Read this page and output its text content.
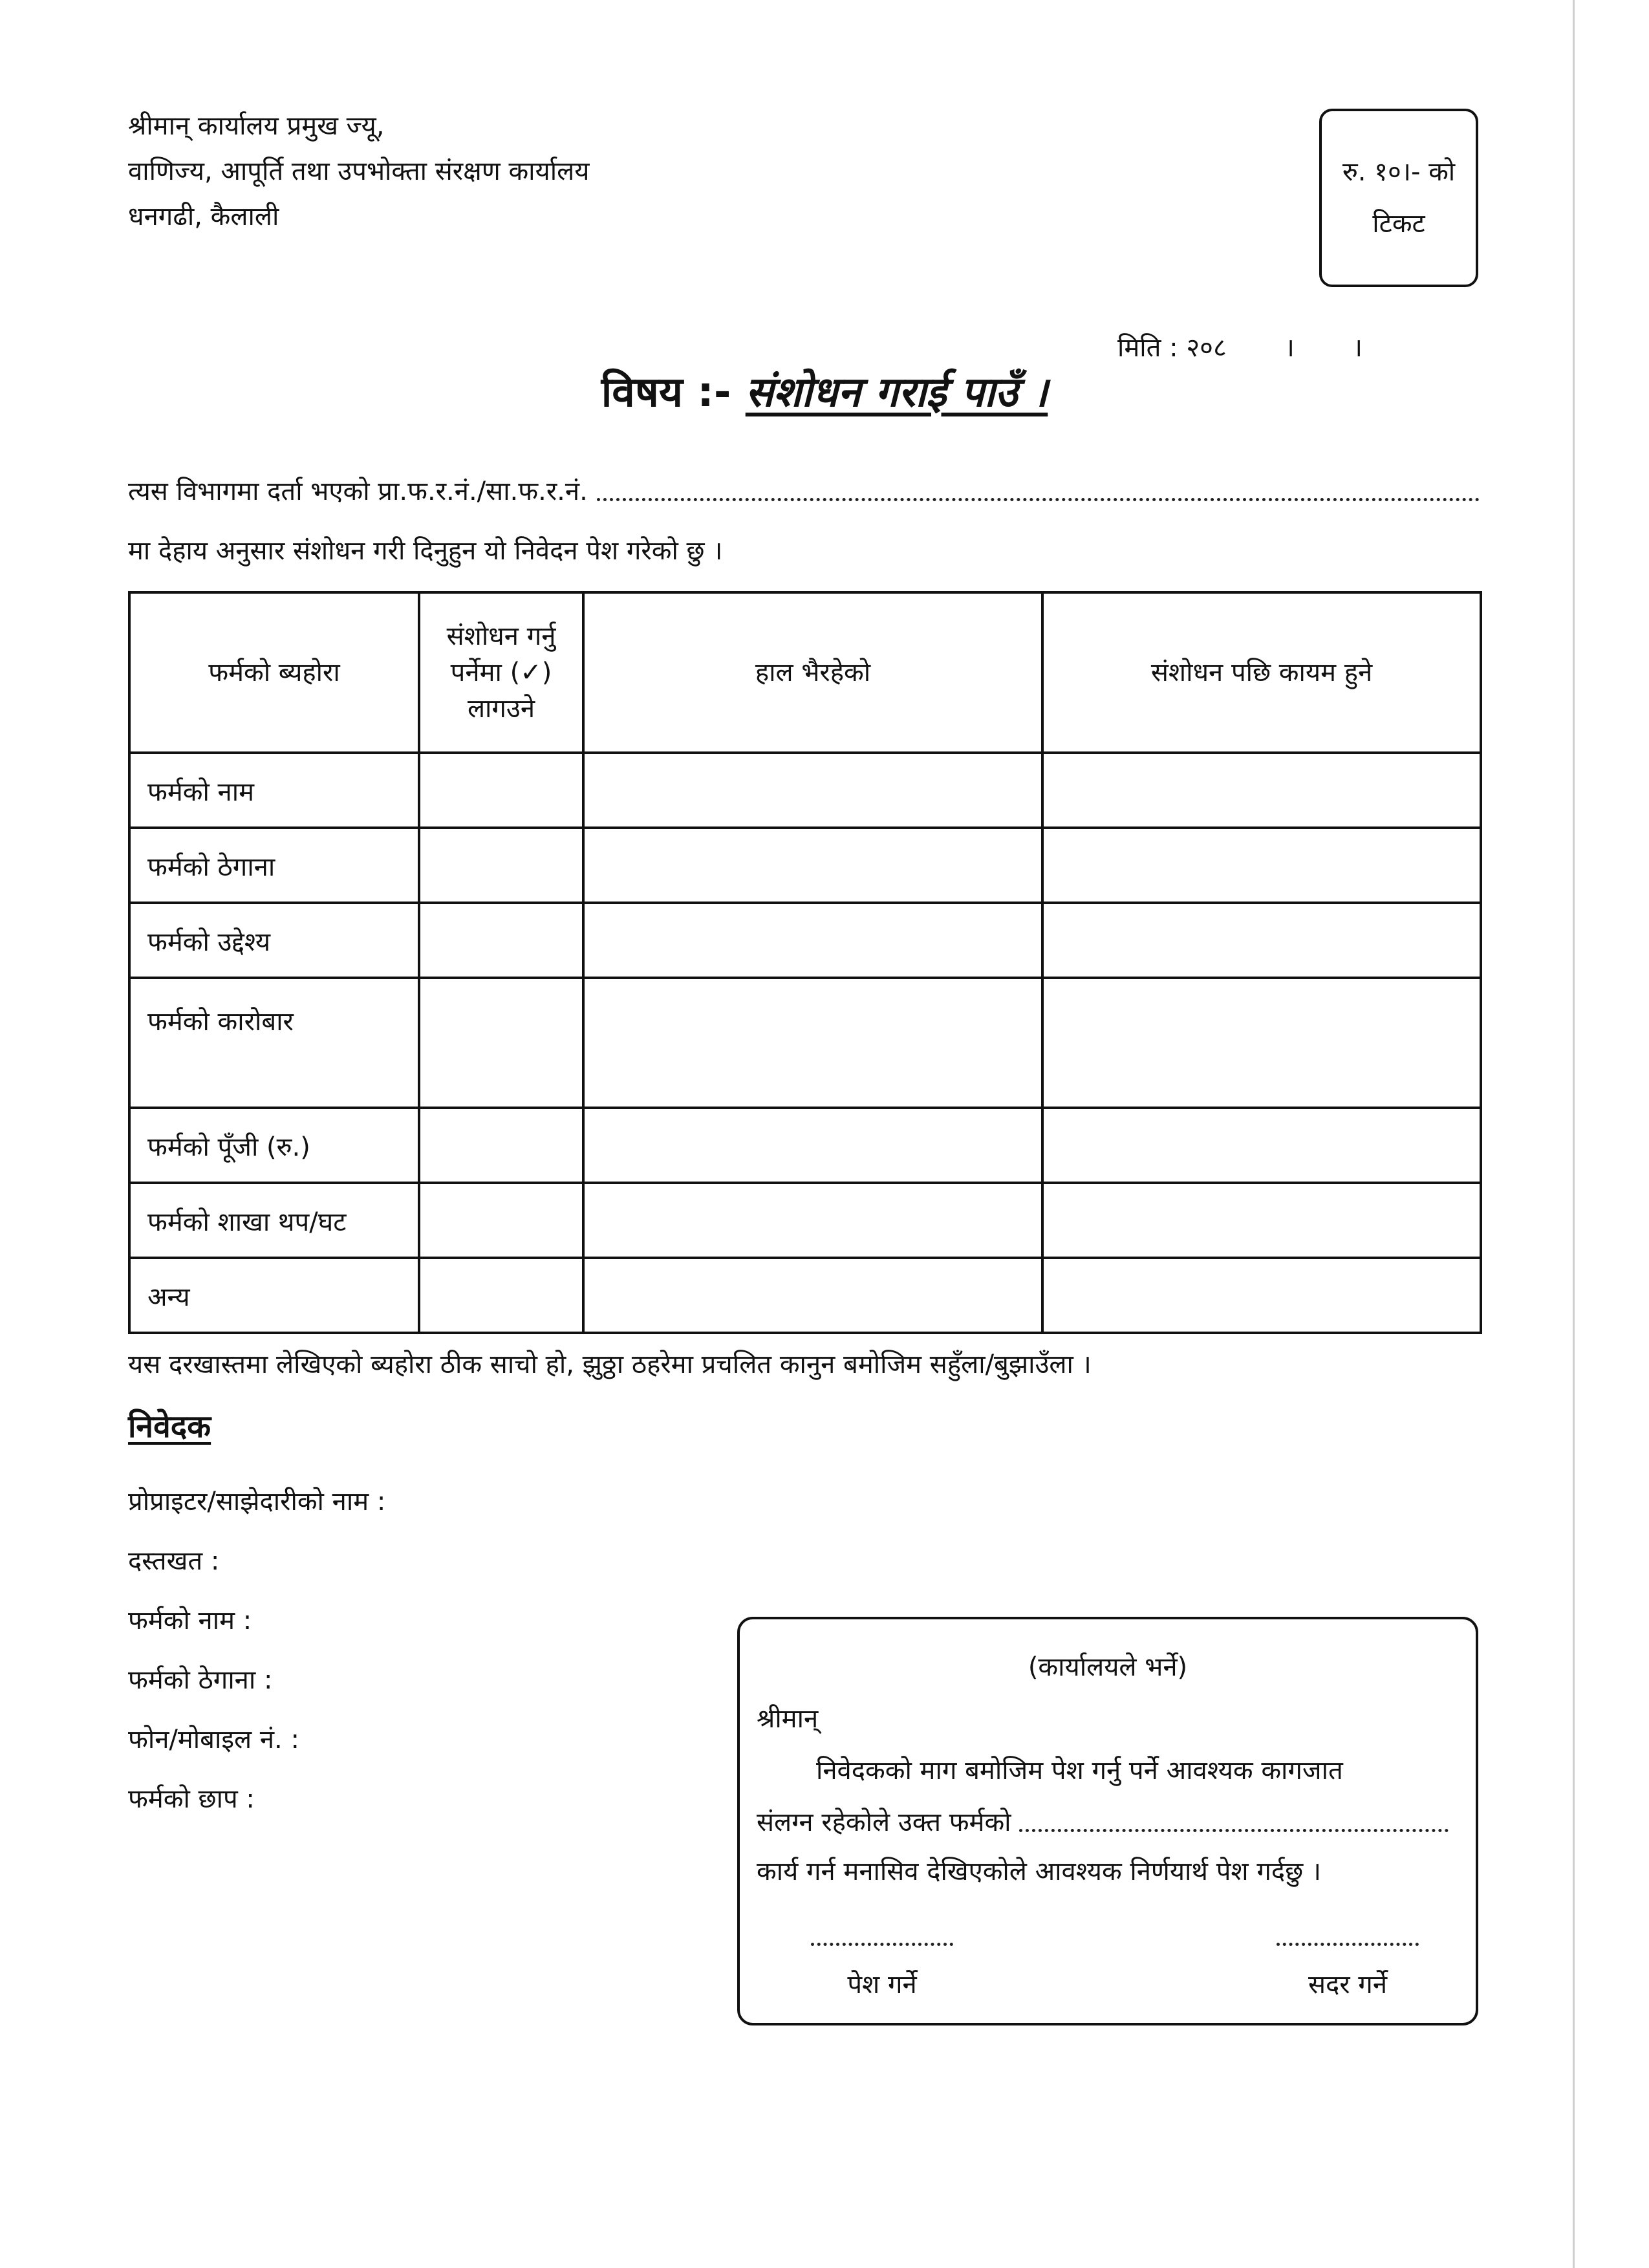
श्रीमान् कार्यालय प्रमुख ज्यू,
वाणिज्य, आपूर्ति तथा उपभोक्ता संरक्षण कार्यालय
धनगढी, कैलाली
रु. १०।- को
टिकट
मिति : २०८ । ।
विषय :- संशोधन गराई पाउँ ।
त्यस विभागमा दर्ता भएको प्रा.फ.र.नं./सा.फ.र.नं.
मा देहाय अनुसार संशोधन गरी दिनुहुन यो निवेदन पेश गरेको छु ।
फर्मको ब्यहोरा	संशोधन गर्नु पर्नेमा (✓) लागउने	हाल भैरहेको	संशोधन पछि कायम हुने
फर्मको नाम			
फर्मको ठेगाना			
फर्मको उद्देश्य			
फर्मको कारोबार			
फर्मको पूँजी (रु.)			
फर्मको शाखा थप/घट			
अन्य			
यस दरखास्तमा लेखिएको ब्यहोरा ठीक साचो हो, झुठ्ठा ठहरेमा प्रचलित कानुन बमोजिम सहुँला/बुझाउँला ।
निवेदक
प्रोप्राइटर/साझेदारीको नाम :
दस्तखत :
फर्मको नाम :
फर्मको ठेगाना :
फोन/मोबाइल नं. :
फर्मको छाप :
(कार्यालयले भर्ने)
श्रीमान्
निवेदकको माग बमोजिम पेश गर्नु पर्ने आवश्यक कागजात
संलग्न रहेकोले उक्त फर्मको
कार्य गर्न मनासिव देखिएकोले आवश्यक निर्णयार्थ पेश गर्दछु ।
पेश गर्ने	सदर गर्ने
